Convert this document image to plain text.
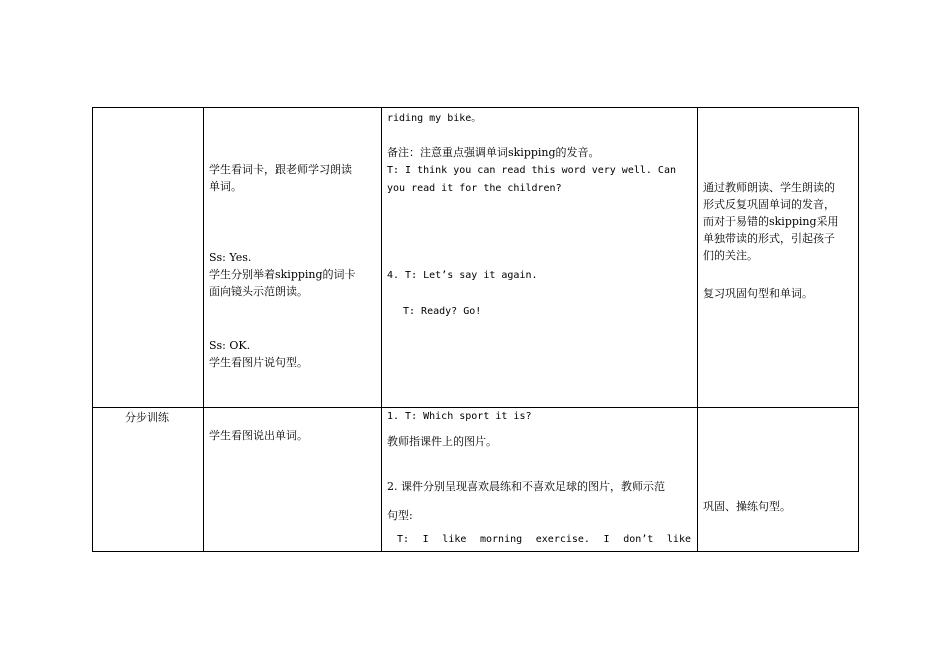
学生看词卡，跟老师学习朗读
单词。
Ss: Yes.
学生分别举着skipping的词卡
面向镜头示范朗读。
Ss: OK.
学生看图片说句型。
riding my bike。
备注：注意重点强调单词skipping的发音。
T: I think you can read this word very well. Can
you read it for the children?
4. T: Let’s say it again.
T: Ready? Go!
通过教师朗读、学生朗读的
形式反复巩固单词的发音，
而对于易错的skipping采用
单独带读的形式，引起孩子
们的关注。
复习巩固句型和单词。
分步训练
学生看图说出单词。
1. T: Which sport it is?
教师指课件上的图片。
2. 课件分别呈现喜欢晨练和不喜欢足球的图片，教师示范
句型:
T: I like morning exercise. I don’t like
巩固、操练句型。
